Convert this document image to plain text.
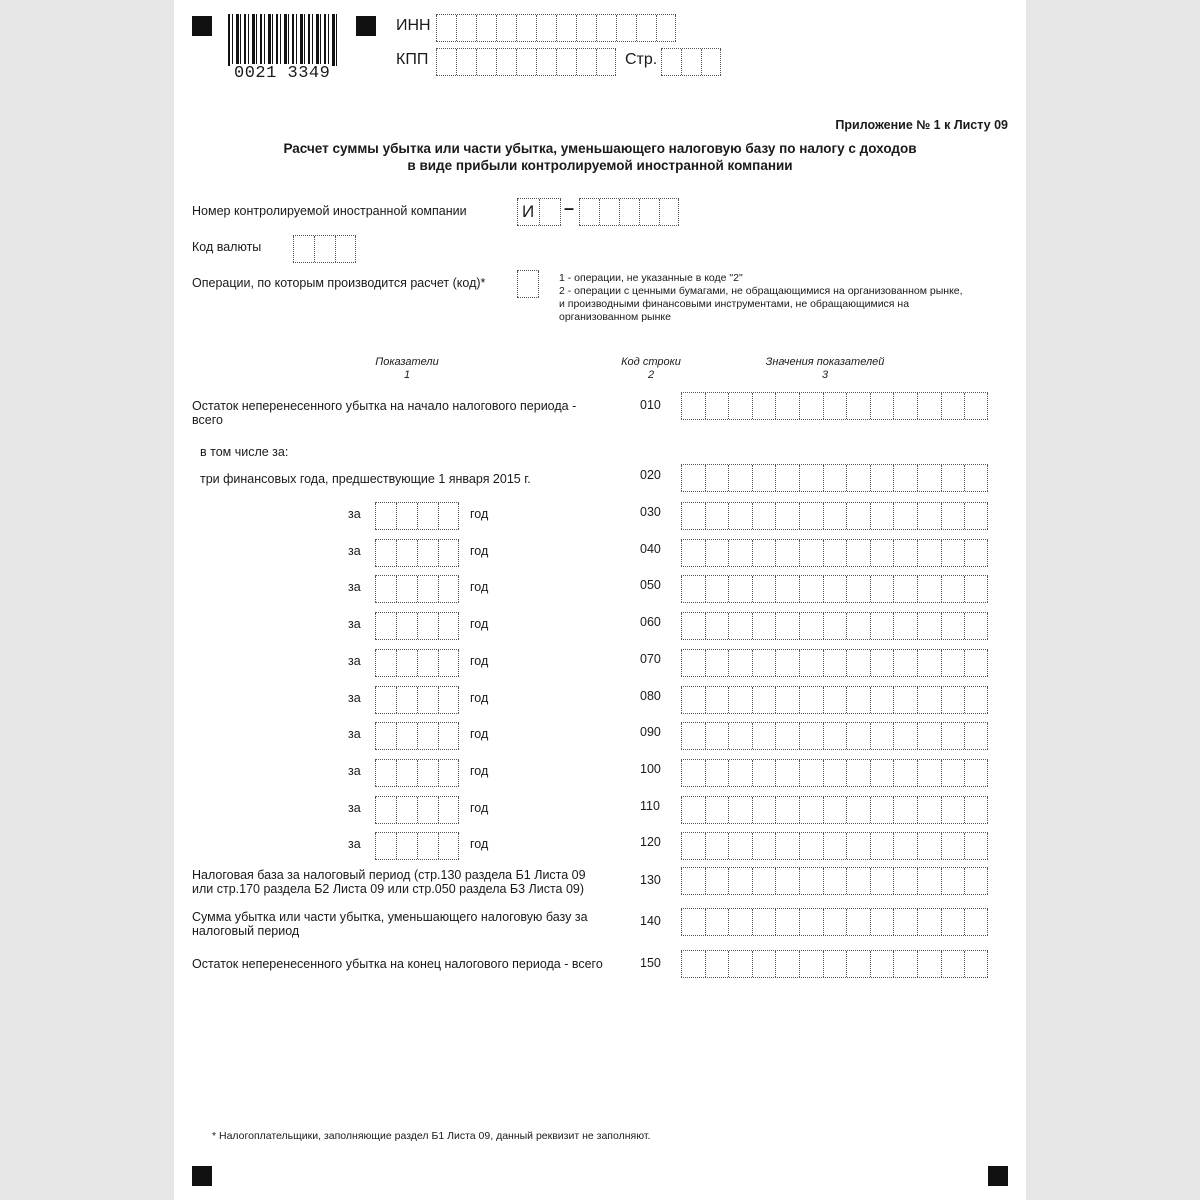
0021 3349
ИНН
КПП	Стр.
Приложение № 1 к Листу 09
Расчет суммы убытка или части убытка, уменьшающего налоговую базу по налогу с доходов
в виде прибыли контролируемой иностранной компании
Номер контролируемой иностранной компании	И –
Код валюты
Операции, по которым производится расчет (код)*	1 - операции, не указанные в коде "2"
2 - операции с ценными бумагами, не обращающимися на организованном рынке,
и производными финансовыми инструментами, не обращающимися на
организованном рынке
Показатели
1
Код строки
2
Значения показателей
3
Остаток неперенесенного убытка на начало налогового периода -
всего
010
в том числе за:
три финансовых года, предшествующие 1 января 2015 г.	020
за	год	030
за	год	040
за	год	050
за	год	060
за	год	070
за	год	080
за	год	090
за	год	100
за	год	110
за	год	120
Налоговая база за налоговый период (стр.130 раздела Б1 Листа 09
или стр.170 раздела Б2 Листа 09 или стр.050 раздела Б3 Листа 09)
130
Сумма убытка или части убытка, уменьшающего налоговую базу за
налоговый период
140
Остаток неперенесенного убытка на конец налогового периода - всего	150
* Налогоплательщики, заполняющие раздел Б1 Листа 09, данный реквизит не заполняют.
